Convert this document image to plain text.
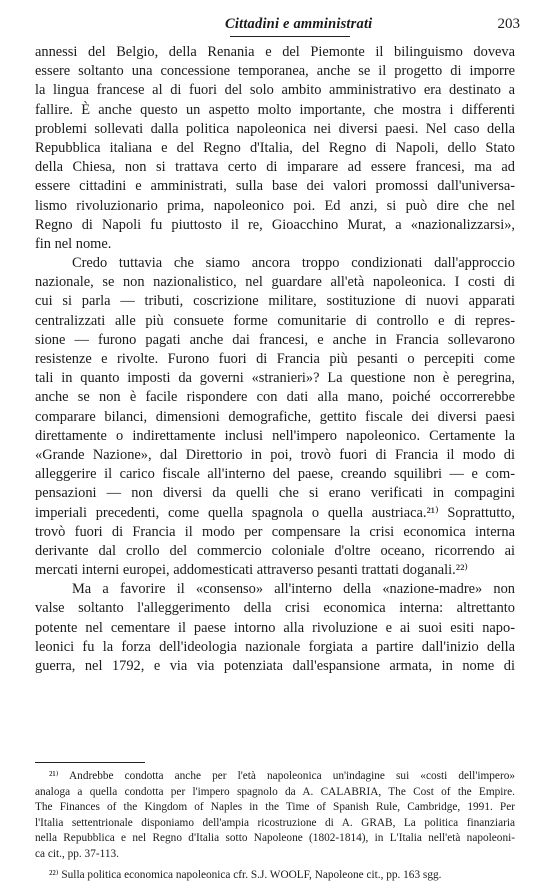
Cittadini e amministrati	203
annessi del Belgio, della Renania e del Piemonte il bilinguismo doveva
essere soltanto una concessione temporanea, anche se il progetto di imporre
la lingua francese al di fuori del solo ambito amministrativo era destinato a
fallire. È anche questo un aspetto molto importante, che mostra i differenti
problemi sollevati dalla politica napoleonica nei diversi paesi. Nel caso della
Repubblica italiana e del Regno d'Italia, del Regno di Napoli, dello Stato
della Chiesa, non si trattava certo di imparare ad essere francesi, ma ad
essere cittadini e amministrati, sulla base dei valori promossi dall'universa-
lismo rivoluzionario prima, napoleonico poi. Ed anzi, si può dire che nel
Regno di Napoli fu piuttosto il re, Gioacchino Murat, a «nazionalizzarsi»,
fin nel nome.
Credo tuttavia che siamo ancora troppo condizionati dall'approccio
nazionale, se non nazionalistico, nel guardare all'età napoleonica. I costi di
cui si parla — tributi, coscrizione militare, sostituzione di nuovi apparati
centralizzati alle più consuete forme comunitarie di controllo e di repres-
sione — furono pagati anche dai francesi, e anche in Francia sollevarono
resistenze e rivolte. Furono fuori di Francia più pesanti o percepiti come
tali in quanto imposti da governi «stranieri»? La questione non è peregrina,
anche se non è facile rispondere con dati alla mano, poiché occorrerebbe
comparare bilanci, dimensioni demografiche, gettito fiscale dei diversi paesi
direttamente o indirettamente inclusi nell'impero napoleonico. Certamente la
«Grande Nazione», dal Direttorio in poi, trovò fuori di Francia il modo di
alleggerire il carico fiscale all'interno del paese, creando squilibri — e com-
pensazioni — non diversi da quelli che si erano verificati in compagini
imperiali precedenti, come quella spagnola o quella austriaca.²¹⁾ Soprattutto,
trovò fuori di Francia il modo per compensare la crisi economica interna
derivante dal crollo del commercio coloniale d'oltre oceano, ricorrendo ai
mercati interni europei, addomesticati attraverso pesanti trattati doganali.²²⁾
Ma a favorire il «consenso» all'interno della «nazione-madre» non
valse soltanto l'alleggerimento della crisi economica interna: altrettanto
potente nel cementare il paese intorno alla rivoluzione e ai suoi esiti napo-
leonici fu la forza dell'ideologia nazionale forgiata a partire dall'inizio della
guerra, nel 1792, e via via potenziata dall'espansione armata, in nome di
²¹⁾ Andrebbe condotta anche per l'età napoleonica un'indagine sui «costi dell'impero»
analoga a quella condotta per l'impero spagnolo da A. CALABRIA, The Cost of the Empire.
The Finances of the Kingdom of Naples in the Time of Spanish Rule, Cambridge, 1991. Per
l'Italia settentrionale disponiamo dell'ampia ricostruzione di A. GRAB, La politica finanziaria
nella Repubblica e nel Regno d'Italia sotto Napoleone (1802-1814), in L'Italia nell'età napoleoni-
ca cit., pp. 37-113.
²²⁾ Sulla politica economica napoleonica cfr. S.J. WOOLF, Napoleone cit., pp. 163 sgg.
